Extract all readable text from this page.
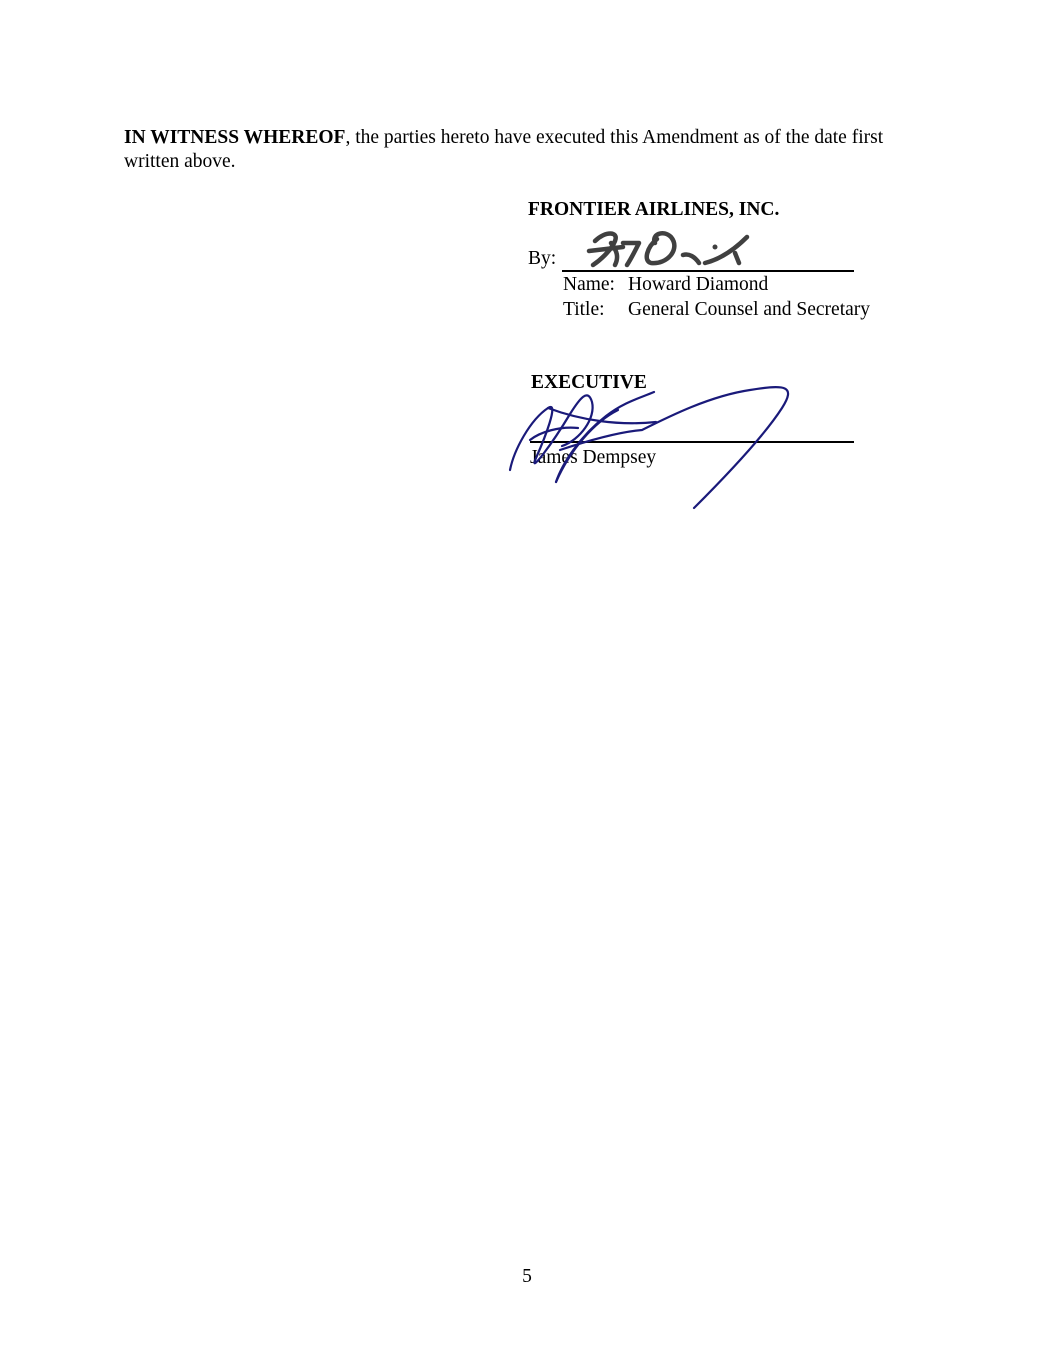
IN WITNESS WHEREOF, the parties hereto have executed this Amendment as of the date first written above.
FRONTIER AIRLINES, INC.
By:
Name: Howard Diamond
Title: General Counsel and Secretary
EXECUTIVE
James Dempsey
5
